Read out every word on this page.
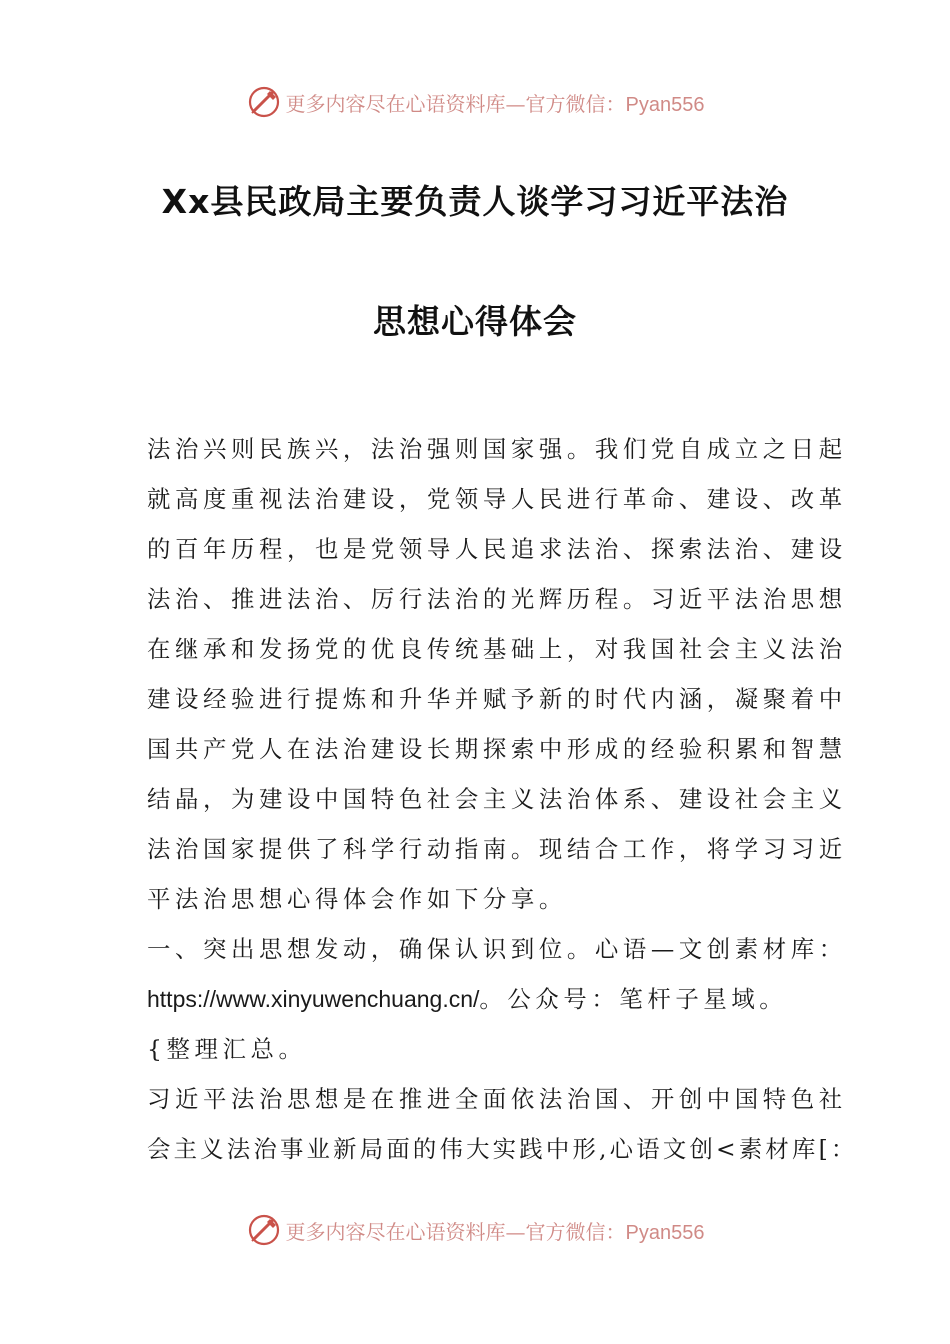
更多内容尽在心语资料库—官方微信：Pyan556
Xx县民政局主要负责人谈学习习近平法治
思想心得体会
法治兴则民族兴，法治强则国家强。我们党自成立之日起
就高度重视法治建设，党领导人民进行革命、建设、改革
的百年历程，也是党领导人民追求法治、探索法治、建设
法治、推进法治、厉行法治的光辉历程。习近平法治思想
在继承和发扬党的优良传统基础上，对我国社会主义法治
建设经验进行提炼和升华并赋予新的时代内涵，凝聚着中
国共产党人在法治建设长期探索中形成的经验积累和智慧
结晶，为建设中国特色社会主义法治体系、建设社会主义
法治国家提供了科学行动指南。现结合工作，将学习习近
平法治思想心得体会作如下分享。
一、突出思想发动，确保认识到位。心语—文创素材库：
https://www.xinyuwenchuang.cn/。公众号：笔杆子星域。
{整理汇总。
习近平法治思想是在推进全面依法治国、开创中国特色社
会主义法治事业新局面的伟大实践中形,心语文创<素材库[：
更多内容尽在心语资料库—官方微信：Pyan556
